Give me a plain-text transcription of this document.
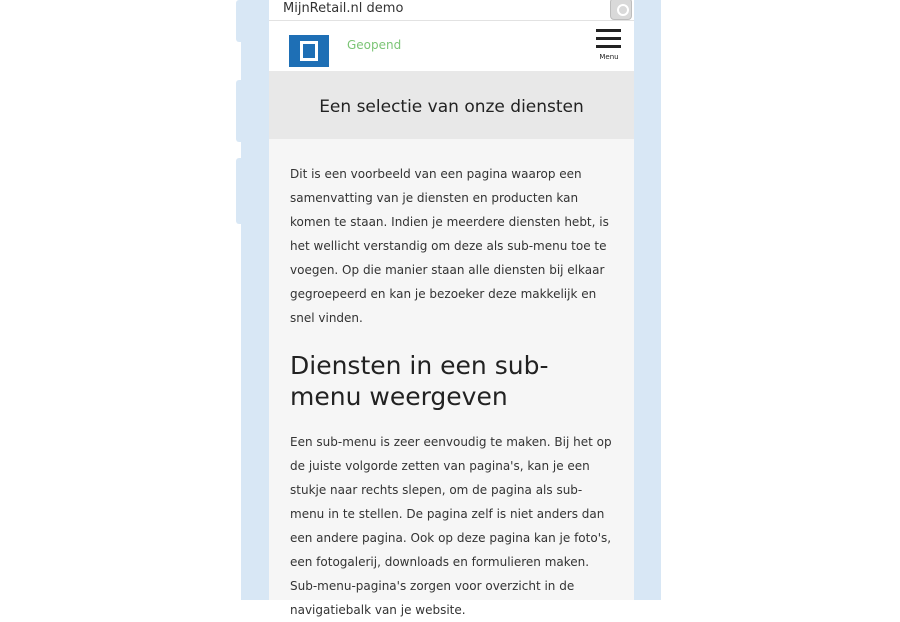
MijnRetail.nl demo
Geopend
Menu
Een selectie van onze diensten

Dit is een voorbeeld van een pagina waarop een samenvatting van je diensten en producten kan komen te staan. Indien je meerdere diensten hebt, is het wellicht verstandig om deze als sub-menu toe te voegen. Op die manier staan alle diensten bij elkaar gegroepeerd en kan je bezoeker deze makkelijk en snel vinden.

Diensten in een sub-menu weergeven

Een sub-menu is zeer eenvoudig te maken. Bij het op de juiste volgorde zetten van pagina's, kan je een stukje naar rechts slepen, om de pagina als sub-menu in te stellen. De pagina zelf is niet anders dan een andere pagina. Ook op deze pagina kan je foto's, een fotogalerij, downloads en formulieren maken. Sub-menu-pagina's zorgen voor overzicht in de navigatiebalk van je website.
